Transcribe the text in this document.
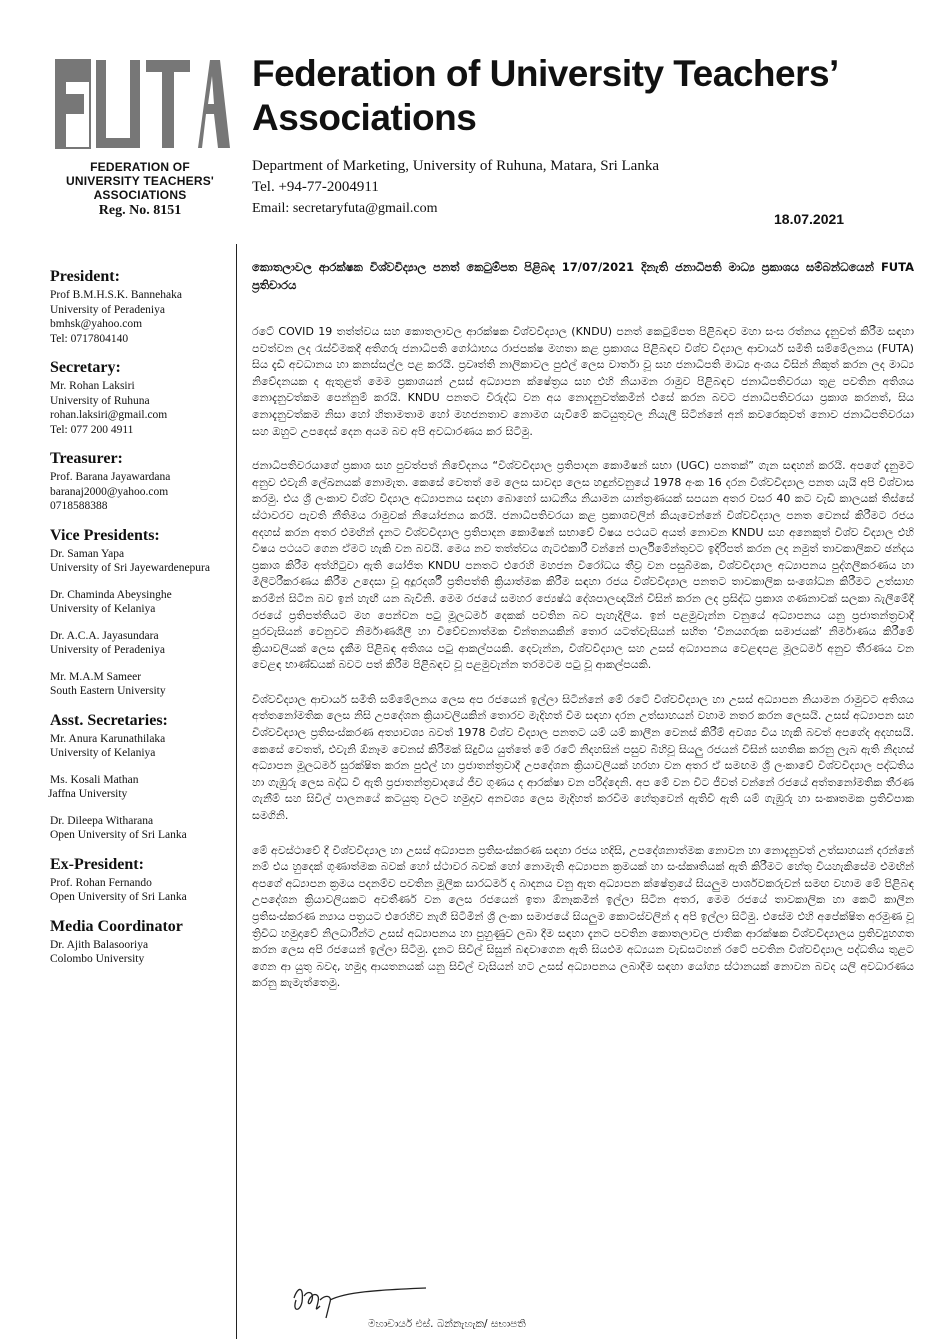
FUTA
FEDERATION OF
UNIVERSITY TEACHERS'
ASSOCIATIONS
Reg. No. 8151
Federation of University Teachers’
Associations
Department of Marketing, University of Ruhuna, Matara, Sri Lanka
Tel. +94-77-2004911
Email: secretaryfuta@gmail.com
18.07.2021
President:
Prof B.M.H.S.K. Bannehaka
University of Peradeniya
bmhsk@yahoo.com
Tel: 0717804140
Secretary:
Mr. Rohan Laksiri
University of Ruhuna
rohan.laksiri@gmail.com
Tel: 077 200 4911
Treasurer:
Prof. Barana Jayawardana
baranaj2000@yahoo.com
0718588388
Vice Presidents:
Dr. Saman Yapa
University of Sri Jayewardenepura
Dr. Chaminda Abeysinghe
University of Kelaniya
Dr. A.C.A. Jayasundara
University of Peradeniya
Mr. M.A.M Sameer
South Eastern University
Asst. Secretaries:
Mr. Anura Karunathilaka
University of Kelaniya
Ms. Kosali Mathan
Jaffna University
Dr. Dileepa Witharana
Open University of Sri Lanka
Ex-President:
Prof. Rohan Fernando
Open University of Sri Lanka
Media Coordinator
Dr. Ajith Balasooriya
Colombo University

කොතලාවල ආරක්ෂක විශ්වවිද්‍යාල පනත් කෙටුම්පත පිළිබඳ 17/07/2021 දිනැති ජනාධිපති මාධ්‍ය ප්‍රකාශය සම්බන්ධයෙන් FUTA ප්‍රතිචාරය

රටේ COVID 19 තත්ත්වය සහ කොතලාවල ආරක්ෂක විශ්වවිද්‍යාල (KNDU) පනත් කෙටුම්පත පිළිබඳව මහා සංඝ රත්නය දැනුවත් කිරීම සඳහා පවත්වන ලද රැස්වීමකදී අතිගරු ජනාධිපති ගෝඨාභය රාජපක්ෂ මහතා කළ ප්‍රකාශය පිළිබඳව විශ්ව විද්‍යාල ආචාර්ය සමිති සම්මේලනය (FUTA) සිය දැඩි අවධානය හා කනස්සල්ල පළ කරයි. ප්‍රවෘත්ති නාලිකාවල පුළුල් ලෙස වාර්තා වූ සහ ජනාධිපති මාධ්‍ය අංශය විසින් නිකුත් කරන ලද මාධ්‍ය නිවේදනයක ද ඇතුළත් මෙම ප්‍රකාශයන් උසස් අධ්‍යාපන ක්ෂේත්‍රය සහ එහි නියාමන රාමුව පිළිබඳව ජනාධිපතිවරයා තුළ පවතින අතිශය නොදැනුවත්කම පෙන්නුම් කරයි. KNDU පනතට විරුද්ධ වන අය නොදැනුවත්කමින් එසේ කරන බවට ජනාධිපතිවරයා ප්‍රකාශ කරනත්, සිය නොදැනුවත්කම නිසා හෝ හිතාමතාම හෝ මහජනතාව නොමග යැවීමේ කටයුතුවල නියැලී සිටින්නේ අන් කවරෙකුවත් නොව ජනාධිපතිවරයා සහ ඔහුට උපදෙස් දෙන අයම බව අපි අවධාරණය කර සිටිමු.

ජනාධිපතිවරයාගේ ප්‍රකාශ සහ පුවත්පත් නිවේදනය “විශ්වවිද්‍යාල ප්‍රතිපාදන කොමිෂන් සභා (UGC) පනතක්” ගැන සඳහන් කරයි. අපගේ දැනුමට අනුව එවැනි ලේඛනයක් නොමැත. කෙසේ වෙතත් මෙ ලෙස සාවද්‍ය ලෙස හඳුන්වනුයේ 1978 අංක 16 දරන විශ්වවිද්‍යාල පනත යැයි අපි විශ්වාස කරමු. එය ශ්‍රී ලංකාව විශ්ව විද්‍යාල අධ්‍යාපනය සඳහා බොහෝ සාධනීය නියාමන යාන්ත්‍රණයක් සපයන අතර වසර 40 කට වැඩි කාලයක් තිස්සේ ස්ථාවරව පැවති නීතිමය රාමුවක් නියෝජනය කරයි. ජනාධිපතිවරයා කළ ප්‍රකාශවලින් කියැවෙන්නේ විශ්වවිද්‍යාල පනත වෙනස් කිරීමට රජය අදහස් කරන අතර එමඟින් දැනට විශ්වවිද්‍යාල ප්‍රතිපාදන කොමිෂන් සභාවේ විෂය පථයට අයත් නොවන KNDU සහ අනෙකුත් විශ්ව විද්‍යාල එහි විෂය පථයට ගෙන ඒමට හැකි වන බවයි. මෙය නව තත්ත්වය ගැටළුකාරී වන්නේ පාර්ලිමේන්තුවට ඉදිරිපත් කරන ලද නමුත් තාවකාලිකව ඡන්දය ප්‍රකාශ කිරීම අත්හිටුවා ඇති යෝජිත KNDU පනතට එරෙහි මහජන විරෝධය තීව්‍ර වන පසුබිමක, විශ්වවිද්‍යාල අධ්‍යාපනය පුද්ගලීකරණය හා මිලිටරීකරණය කිරීම උදෙසා වූ අදූරදර්ශී ප්‍රතිපත්ති ක්‍රියාත්මක කිරීම සඳහා රජය විශ්වවිද්‍යාල පනතට තාවකාලික සංශෝධන කිරීමට උත්සාහ කරමින් සිටින බව ඉන් හැඟී යන බැවිනි. මෙම රජයේ සමහර ජ්‍යෙෂ්ඨ දේශපාලඥයින් විසින් කරන ලද ප්‍රසිද්ධ ප්‍රකාශ ගණනාවක් සලකා බැලීමේදී රජයේ ප්‍රතිපත්තියට මහ පෙන්වන පටු මූලධර්ම දෙකක් පවතින බව පැහැදිලිය. ඉන් පළමුවැන්න වනුයේ අධ්‍යාපනය යනු ප්‍රජාතන්ත්‍රවාදී පුරවැසියන් වෙනුවට නිර්මාණශීලී හා විවේචනාත්මක චින්තනයකින් තොර යටත්වැසියන් සහිත ‘විනයගරුක සමාජයක්’ නිර්මාණය කිරීමේ ක්‍රියාවලියක් ලෙස දැකීම පිළිබඳ අතිශය පටු ආකල්පයකි. දෙවැන්න, විශ්වවිද්‍යාල සහ උසස් අධ්‍යාපනය වෙළඳපළ මූලධර්ම අනුව තීරණය වන වෙළඳ භාණ්ඩයක් බවට පත් කිරීම පිළිබඳව වූ පළමුවැන්න තරමටම පටු වූ ආකල්පයකි.

විශ්වවිද්‍යාල ආචාර්ය සමිති සම්මේලනය ලෙස අප රජයෙන් ඉල්ලා සිටින්නේ මේ රටේ විශ්වවිද්‍යාල හා උසස් අධ්‍යාපන නියාමන රාමුවට අතිශය අත්තනෝමතික ලෙස නිසි උපදේශන ක්‍රියාවලියකින් තොරව මැදිහත් වීම සඳහා දරන උත්සාහයන් වහාම නතර කරන ලෙසයි. උසස් අධ්‍යාපන සහ විශ්වවිද්‍යාල ප්‍රතිසංස්කරණ අත්‍යාවශ්‍ය බවත් 1978 විශ්ව විද්‍යාල පනතට යම් යම් කාලීන වෙනස් කිරීම් අවශ්‍ය විය හැකි බවත් අපගේද අදහසයි. කෙසේ වෙතත්, එවැනි ඕනෑම වෙනස් කිරීමක් සිදුවිය යුත්තේ මේ රටේ නිදහසින් පසුව බිහිවූ සියලු රජයන් විසින් සහතික කරනු ලැබ ඇති නිදහස් අධ්‍යාපන මූලධර්ම සුරක්ෂිත කරන පුළුල් හා ප්‍රජාතන්ත්‍රවාදී උපදේශන ක්‍රියාවලියක් හරහා වන අතර ඒ සමඟම ශ්‍රී ලංකාවේ විශ්වවිද්‍යාල පද්ධතිය හා ගැඹුරු ලෙස බද්ධ වී ඇති ප්‍රජාතන්ත්‍රවාදයේ ජීව ගුණය ද ආරක්ෂා වන පරිද්දෙනි. අප මේ වන විට ජීවත් වන්නේ රජයේ අත්තනෝමතික තීරණ ගැනීම් සහ සිවිල් පාලනයේ කටයුතු වලට හමුදාව අනවශ්‍ය ලෙස මැදිහත් කරවීම හේතුවෙන් ඇතිවී ඇති යම් ගැඹුරු හා සංකෘතමක ප්‍රතිවිපාක සමගිනි.

මේ අවස්ථාවේ දී විශ්වවිද්‍යාල හා උසස් අධ්‍යාපන ප්‍රතිසංස්කරණ සඳහා රජය හදිසි, උපදේශනාත්මක නොවන හා නොදැනුවත් උත්සාහයන් දරන්නේ නම් එය හුදෙක් ගුණාත්මක බවක් හෝ ස්ථාවර බවක් හෝ නොමැති අධ්‍යාපන ක්‍රමයක් හා සංස්කෘතියක් ඇති කිරීමට හේතු වියහැකිසේම එමඟින් අපගේ අධ්‍යාපන ක්‍රමය පදනම්ව පවතින මූලික සාරධර්ම ද බාදනය වනු ඇත අධ්‍යාපන ක්ෂේත්‍රයේ සියලුම පාර්ශවකරුවන් සමඟ වහාම මේ පිළිබඳ උපදේශන ක්‍රියාවලියකට අවතීර්ණ වන ලෙස රජයෙන් ඉතා ඕනෑකමින් ඉල්ලා සිටින අතර, මෙම රජයේ තාවකාලික හා කෙටි කාලීන ප්‍රතිසංස්කරණ න්‍යාය පත්‍රයට එරෙහිව නැගී සිටීමින් ශ්‍රී ලංකා සමාජයේ සියලුම කොටස්වලින් ද අපි ඉල්ලා සිටිමු. එසේම එහි අපේක්ෂිත අරමුණ වූ ත්‍රිවිධ හමුදාවේ නිලධාරීන්ට උසස් අධ්‍යාපනය හා පුහුණුව ලබා දීම සඳහා දැනට පවතින කොතලාවල ජාතික ආරක්ෂක විශ්වවිද්‍යාලය ප්‍රතිව්‍යුහගත කරන ලෙස අපි රජයෙන් ඉල්ලා සිටිමු. දැනට සිවිල් සිසුන් බඳවාගෙන ඇති සියළුම අධ්‍යයන වැඩසටහන් රටේ පවතින විශ්වවිද්‍යාල පද්ධතිය තුළට ගෙන ආ යුතු බවද, හමුදා ආයතනයක් යනු සිවිල් වැසියන් හට උසස් අධ්‍යාපනය ලබාදීම සඳහා යෝග්‍ය ස්ථානයක් නොවන බවද යලි අවධාරණය කරනු කැමැත්තෙමු.

මහාචාර්ය එස්. බන්නැහැක/ සභාපති
